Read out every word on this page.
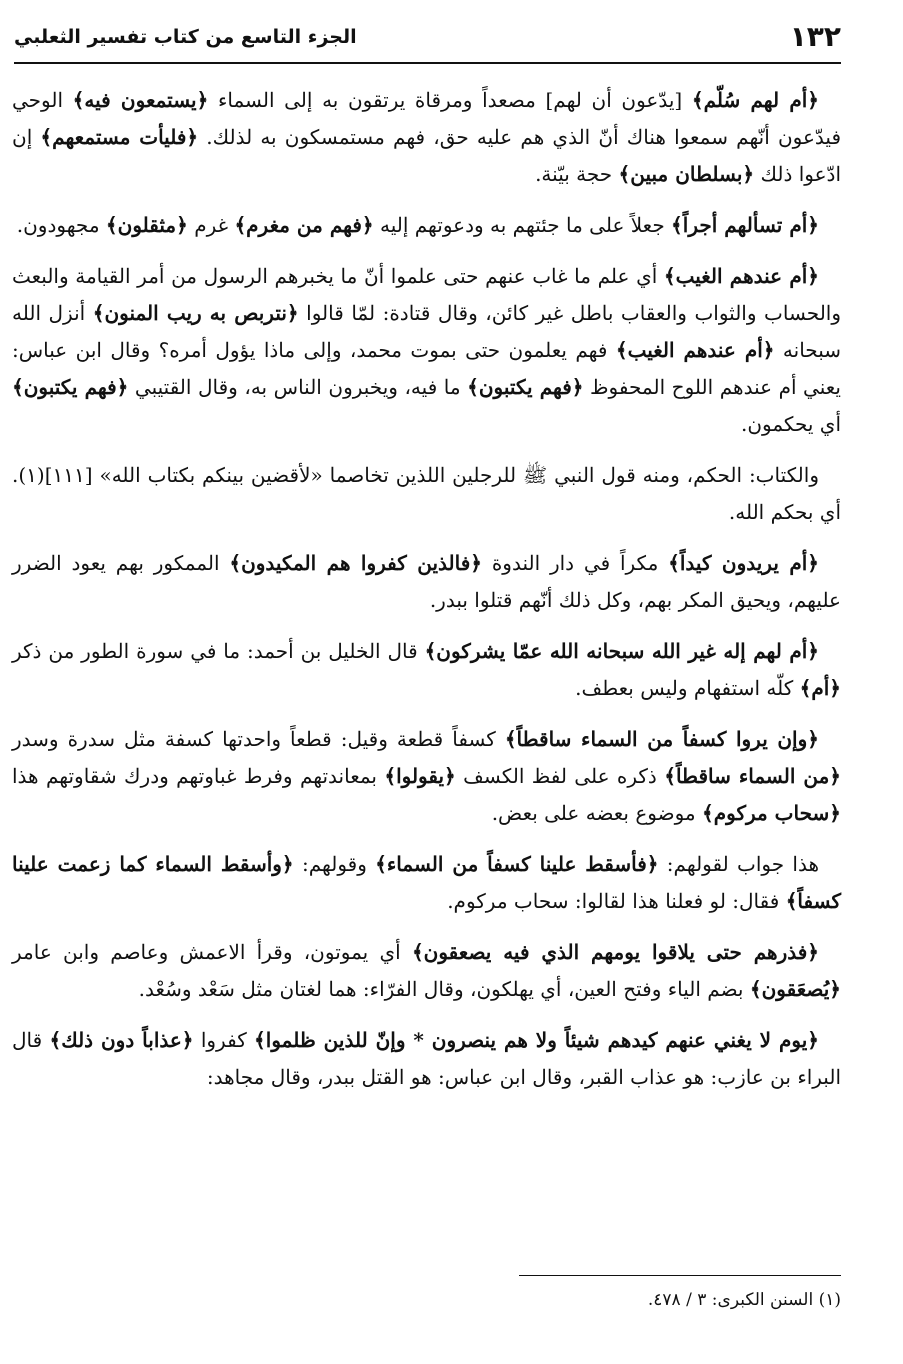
١٣٢
الجزء التاسع من كتاب تفسير الثعلبي

﴿أم لهم سُلّم﴾ [يدّعون أن لهم] مصعداً ومرقاة يرتقون به إلى السماء ﴿يستمعون فيه﴾ الوحي فيدّعون أنّهم سمعوا هناك أنّ الذي هم عليه حق، فهم مستمسكون به لذلك. ﴿فليأت مستمعهم﴾ إن ادّعوا ذلك ﴿بسلطان مبين﴾ حجة بيّنة.

﴿أم تسألهم أجراً﴾ جعلاً على ما جئتهم به ودعوتهم إليه ﴿فهم من مغرم﴾ غرم ﴿مثقلون﴾ مجهودون.

﴿أم عندهم الغيب﴾ أي علم ما غاب عنهم حتى علموا أنّ ما يخبرهم الرسول من أمر القيامة والبعث والحساب والثواب والعقاب باطل غير كائن، وقال قتادة: لمّا قالوا ﴿نتربص به ريب المنون﴾ أنزل الله سبحانه ﴿أم عندهم الغيب﴾ فهم يعلمون حتى بموت محمد، وإلى ماذا يؤول أمره؟ وقال ابن عباس: يعني أم عندهم اللوح المحفوظ ﴿فهم يكتبون﴾ ما فيه، ويخبرون الناس به، وقال القتيبي ﴿فهم يكتبون﴾ أي يحكمون.

والكتاب: الحكم، ومنه قول النبي ﷺ للرجلين اللذين تخاصما «لأقضين بينكم بكتاب الله» [١١١](١). أي بحكم الله.

﴿أم يريدون كيداً﴾ مكراً في دار الندوة ﴿فالذين كفروا هم المكيدون﴾ الممكور بهم يعود الضرر عليهم، ويحيق المكر بهم، وكل ذلك أنّهم قتلوا ببدر.

﴿أم لهم إله غير الله سبحانه الله عمّا يشركون﴾ قال الخليل بن أحمد: ما في سورة الطور من ذكر ﴿أم﴾ كلّه استفهام وليس بعطف.

﴿وإن يروا كسفاً من السماء ساقطاً﴾ كسفاً قطعة وقيل: قطعاً واحدتها كسفة مثل سدرة وسدر ﴿من السماء ساقطاً﴾ ذكره على لفظ الكسف ﴿يقولوا﴾ بمعاندتهم وفرط غباوتهم ودرك شقاوتهم هذا ﴿سحاب مركوم﴾ موضوع بعضه على بعض.

هذا جواب لقولهم: ﴿فأسقط علينا كسفاً من السماء﴾ وقولهم: ﴿وأسقط السماء كما زعمت علينا كسفاً﴾ فقال: لو فعلنا هذا لقالوا: سحاب مركوم.

﴿فذرهم حتى يلاقوا يومهم الذي فيه يصعقون﴾ أي يموتون، وقرأ الاعمش وعاصم وابن عامر ﴿يُصعَقون﴾ بضم الياء وفتح العين، أي يهلكون، وقال الفرّاء: هما لغتان مثل سَعْد وسُعْد.

﴿يوم لا يغني عنهم كيدهم شيئاً ولا هم ينصرون * وإنّ للذين ظلموا﴾ كفروا ﴿عذاباً دون ذلك﴾ قال البراء بن عازب: هو عذاب القبر، وقال ابن عباس: هو القتل ببدر، وقال مجاهد:

(١) السنن الكبرى: ٣ / ٤٧٨.
